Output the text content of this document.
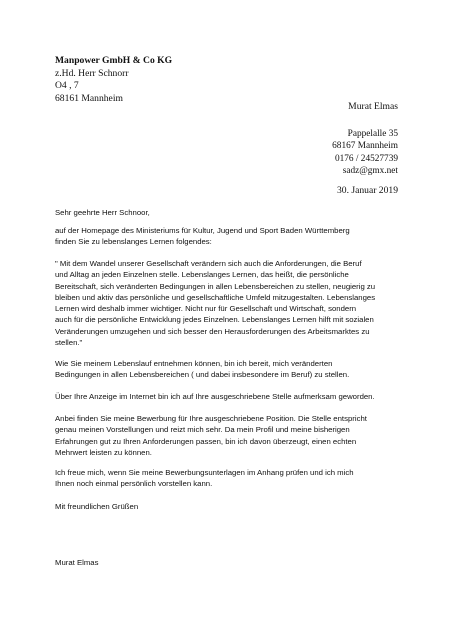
Manpower GmbH & Co KG
z.Hd. Herr Schnorr
O4 , 7
68161 Mannheim
Murat Elmas
Pappelalle 35
68167 Mannheim
0176 / 24527739
sadz@gmx.net
30. Januar 2019
Sehr geehrte Herr Schnoor,
auf der Homepage des Ministeriums für Kultur, Jugend und Sport Baden Württemberg
finden Sie zu lebenslanges Lernen folgendes:
" Mit dem Wandel unserer Gesellschaft verändern sich auch die Anforderungen, die Beruf
und Alltag an jeden Einzelnen stelle. Lebenslanges Lernen, das heißt, die persönliche
Bereitschaft, sich veränderten Bedingungen in allen Lebensbereichen zu stellen, neugierig zu
bleiben und aktiv das persönliche und gesellschaftliche Umfeld mitzugestalten. Lebenslanges
Lernen wird deshalb immer wichtiger. Nicht nur für Gesellschaft und Wirtschaft, sondern
auch für die persönliche Entwicklung jedes Einzelnen. Lebenslanges Lernen hilft mit sozialen
Veränderungen umzugehen und sich besser den Herausforderungen des Arbeitsmarktes zu
stellen."
Wie Sie meinem Lebenslauf entnehmen können, bin ich bereit, mich veränderten
Bedingungen in allen Lebensbereichen ( und dabei insbesondere im Beruf) zu stellen.
Über Ihre Anzeige im Internet bin ich auf Ihre ausgeschriebene Stelle aufmerksam geworden.
Anbei finden Sie meine Bewerbung für Ihre ausgeschriebene Position. Die Stelle entspricht
genau meinen Vorstellungen und reizt mich sehr. Da mein Profil und meine bisherigen
Erfahrungen gut zu Ihren Anforderungen passen, bin ich davon überzeugt, einen echten
Mehrwert leisten zu können.
Ich freue mich, wenn Sie meine Bewerbungsunterlagen im Anhang prüfen und ich mich
Ihnen noch einmal persönlich vorstellen kann.
Mit freundlichen Grüßen
Murat Elmas
